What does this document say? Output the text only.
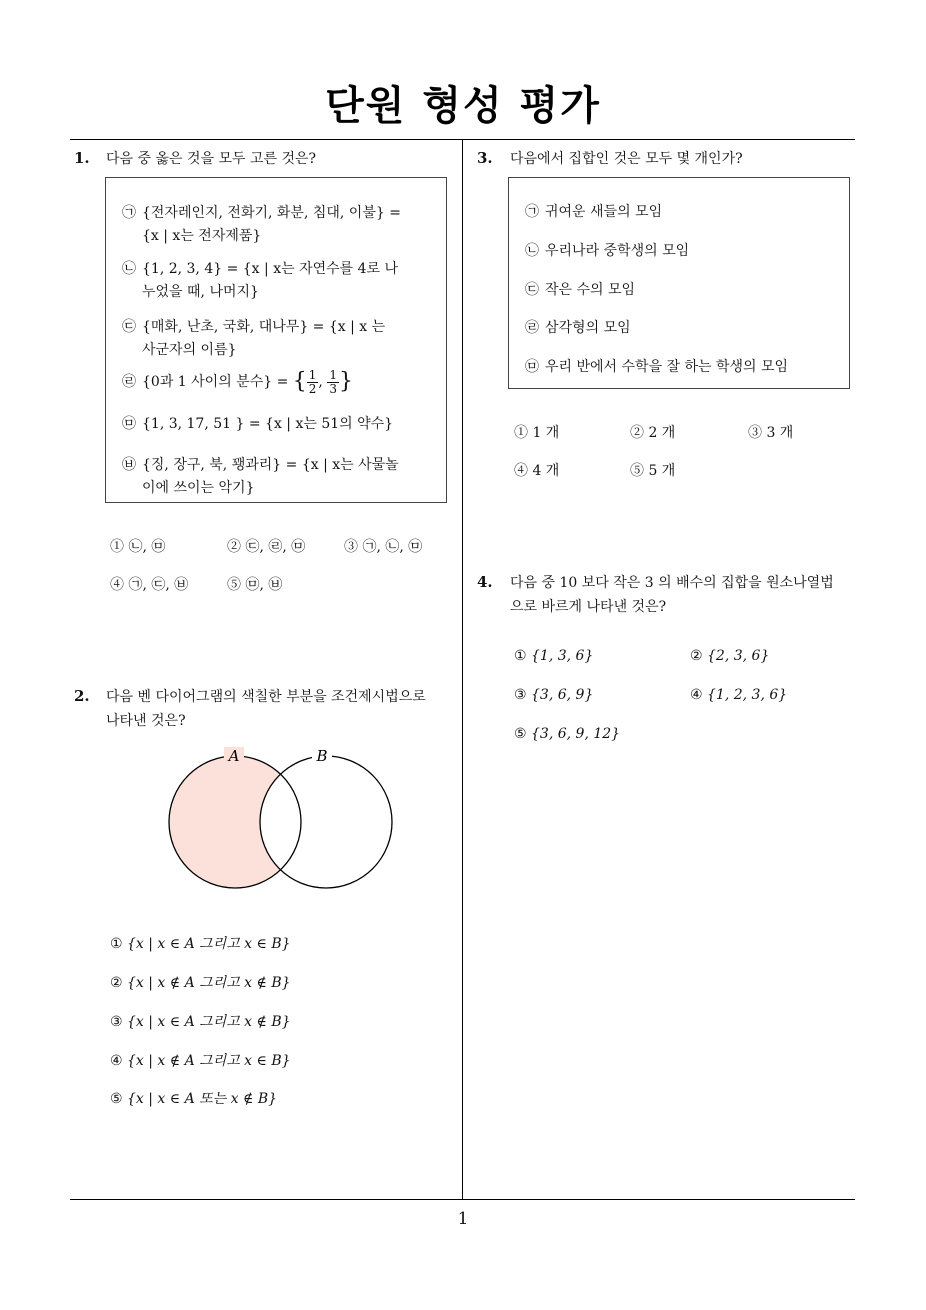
단원 형성 평가
1
1. 다음 중 옳은 것을 모두 고른 것은?
㉠ {전자레인지, 전화기, 화분, 침대, 이불} =
{x | x는 전자제품}
㉡ {1, 2, 3, 4} = {x | x는 자연수를 4로 나
누었을 때, 나머지}
㉢ {매화, 난초, 국화, 대나무} = {x | x 는
사군자의 이름}
㉣ {0과 1 사이의 분수} = { $\frac{1}{2}$ , $\frac{1}{3}$ }
㉤ {1, 3, 17, 51 } = {x | x는 51의 약수}
㉥ {징, 장구, 북, 꽹과리} = {x | x는 사물놀
이에 쓰이는 악기}
① ㉡, ㉤	② ㉢, ㉣, ㉤	③ ㉠, ㉡, ㉤
④ ㉠, ㉢, ㉥	⑤ ㉤, ㉥
2. 다음 벤 다이어그램의 색칠한 부분을 조건제시법으로
나타낸 것은?
A	B
① {x | x ∈ A 그리고 x ∈ B}
② {x | x ∉ A 그리고 x ∉ B}
③ {x | x ∈ A 그리고 x ∉ B}
④ {x | x ∉ A 그리고 x ∈ B}
⑤ {x | x ∈ A 또는 x ∉ B}
3. 다음에서 집합인 것은 모두 몇 개인가?
㉠ 귀여운 새들의 모임
㉡ 우리나라 중학생의 모임
㉢ 작은 수의 모임
㉣ 삼각형의 모임
㉤ 우리 반에서 수학을 잘 하는 학생의 모임
① 1 개	② 2 개	③ 3 개
④ 4 개	⑤ 5 개
4. 다음 중 10 보다 작은 3 의 배수의 집합을 원소나열법
으로 바르게 나타낸 것은?
① {1, 3, 6}	② {2, 3, 6}
③ {3, 6, 9}	④ {1, 2, 3, 6}
⑤ {3, 6, 9, 12}
